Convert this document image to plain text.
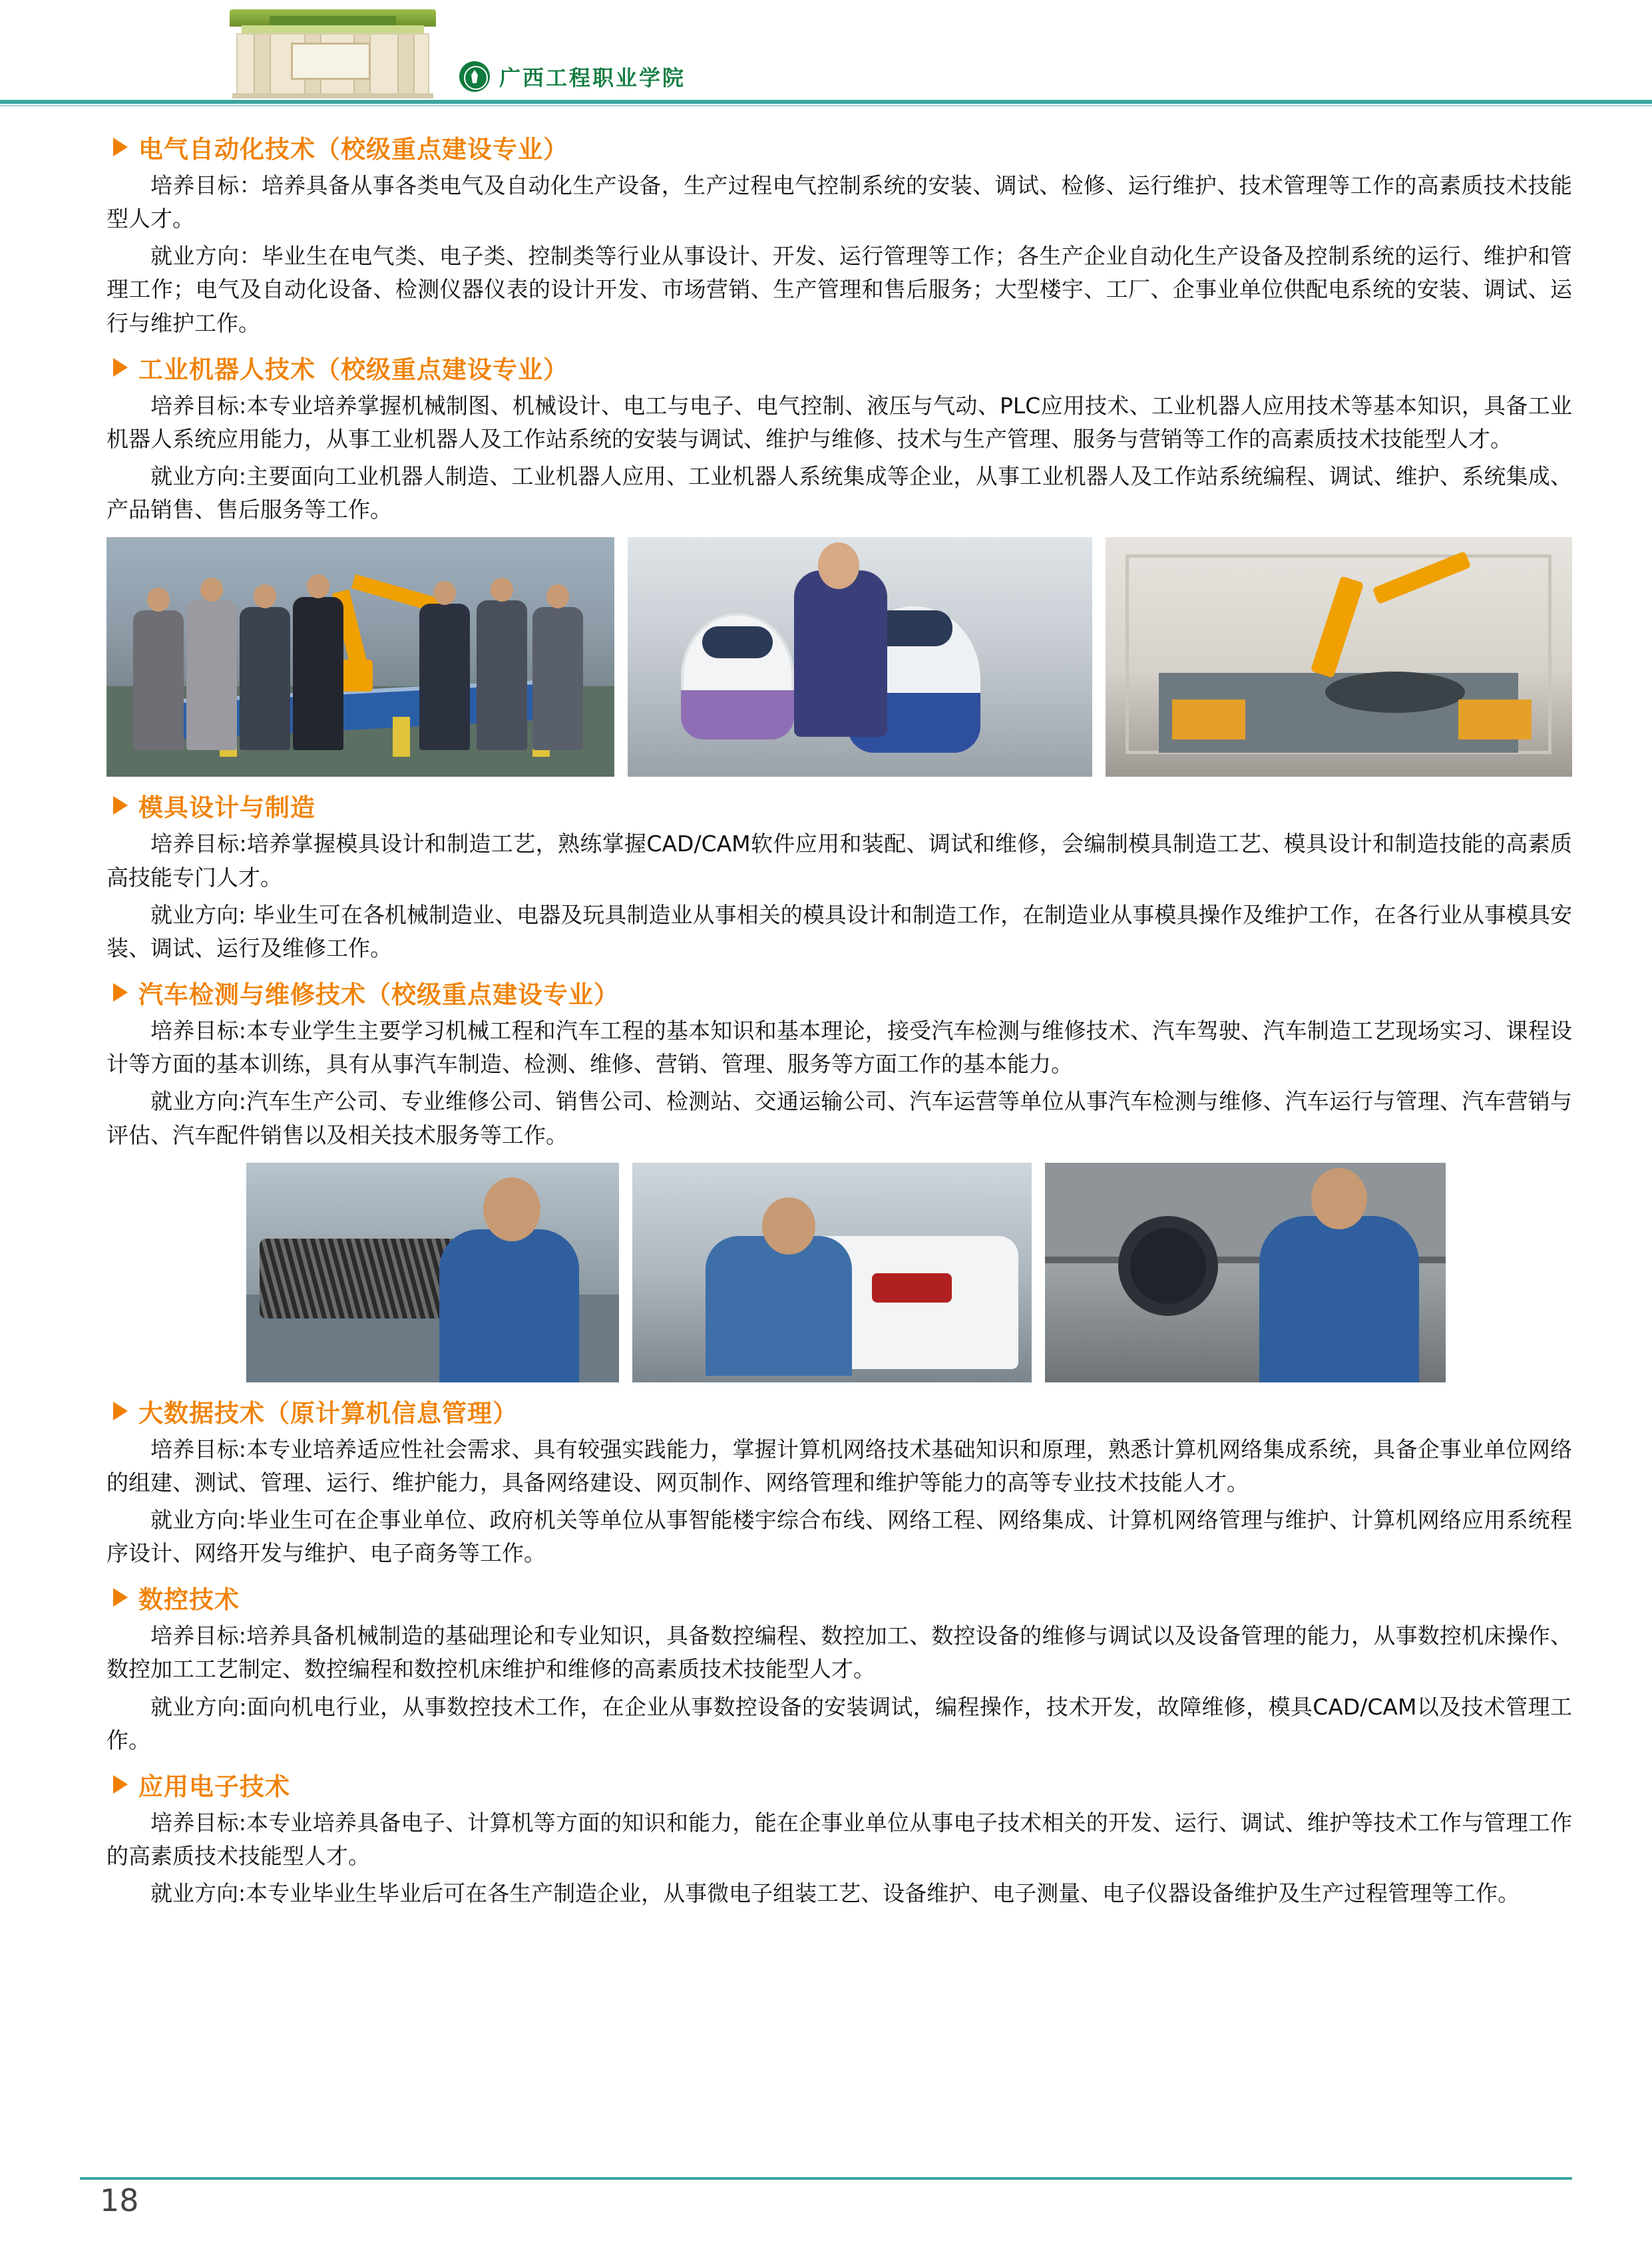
广西工程职业学院
电气自动化技术（校级重点建设专业）

培养目标：培养具备从事各类电气及自动化生产设备，生产过程电气控制系统的安装、调试、检修、运行维护、技术管理等工作的高素质技术技能型人才。

就业方向：毕业生在电气类、电子类、控制类等行业从事设计、开发、运行管理等工作；各生产企业自动化生产设备及控制系统的运行、维护和管理工作；电气及自动化设备、检测仪器仪表的设计开发、市场营销、生产管理和售后服务；大型楼宇、工厂、企事业单位供配电系统的安装、调试、运行与维护工作。

工业机器人技术（校级重点建设专业）

培养目标:本专业培养掌握机械制图、机械设计、电工与电子、电气控制、液压与气动、PLC应用技术、工业机器人应用技术等基本知识，具备工业机器人系统应用能力，从事工业机器人及工作站系统的安装与调试、维护与维修、技术与生产管理、服务与营销等工作的高素质技术技能型人才。

就业方向:主要面向工业机器人制造、工业机器人应用、工业机器人系统集成等企业，从事工业机器人及工作站系统编程、调试、维护、系统集成、产品销售、售后服务等工作。

模具设计与制造

培养目标:培养掌握模具设计和制造工艺，熟练掌握CAD/CAM软件应用和装配、调试和维修，会编制模具制造工艺、模具设计和制造技能的高素质高技能专门人才。

就业方向: 毕业生可在各机械制造业、电器及玩具制造业从事相关的模具设计和制造工作，在制造业从事模具操作及维护工作，在各行业从事模具安装、调试、运行及维修工作。

汽车检测与维修技术（校级重点建设专业）

培养目标:本专业学生主要学习机械工程和汽车工程的基本知识和基本理论，接受汽车检测与维修技术、汽车驾驶、汽车制造工艺现场实习、课程设计等方面的基本训练，具有从事汽车制造、检测、维修、营销、管理、服务等方面工作的基本能力。

就业方向:汽车生产公司、专业维修公司、销售公司、检测站、交通运输公司、汽车运营等单位从事汽车检测与维修、汽车运行与管理、汽车营销与评估、汽车配件销售以及相关技术服务等工作。

大数据技术（原计算机信息管理）

培养目标:本专业培养适应性社会需求、具有较强实践能力，掌握计算机网络技术基础知识和原理，熟悉计算机网络集成系统，具备企事业单位网络的组建、测试、管理、运行、维护能力，具备网络建设、网页制作、网络管理和维护等能力的高等专业技术技能人才。

就业方向:毕业生可在企事业单位、政府机关等单位从事智能楼宇综合布线、网络工程、网络集成、计算机网络管理与维护、计算机网络应用系统程序设计、网络开发与维护、电子商务等工作。

数控技术

培养目标:培养具备机械制造的基础理论和专业知识，具备数控编程、数控加工、数控设备的维修与调试以及设备管理的能力，从事数控机床操作、数控加工工艺制定、数控编程和数控机床维护和维修的高素质技术技能型人才。

就业方向:面向机电行业，从事数控技术工作，在企业从事数控设备的安装调试，编程操作，技术开发，故障维修，模具CAD/CAM以及技术管理工作。

应用电子技术

培养目标:本专业培养具备电子、计算机等方面的知识和能力，能在企事业单位从事电子技术相关的开发、运行、调试、维护等技术工作与管理工作的高素质技术技能型人才。

就业方向:本专业毕业生毕业后可在各生产制造企业，从事微电子组装工艺、设备维护、电子测量、电子仪器设备维护及生产过程管理等工作。

18
